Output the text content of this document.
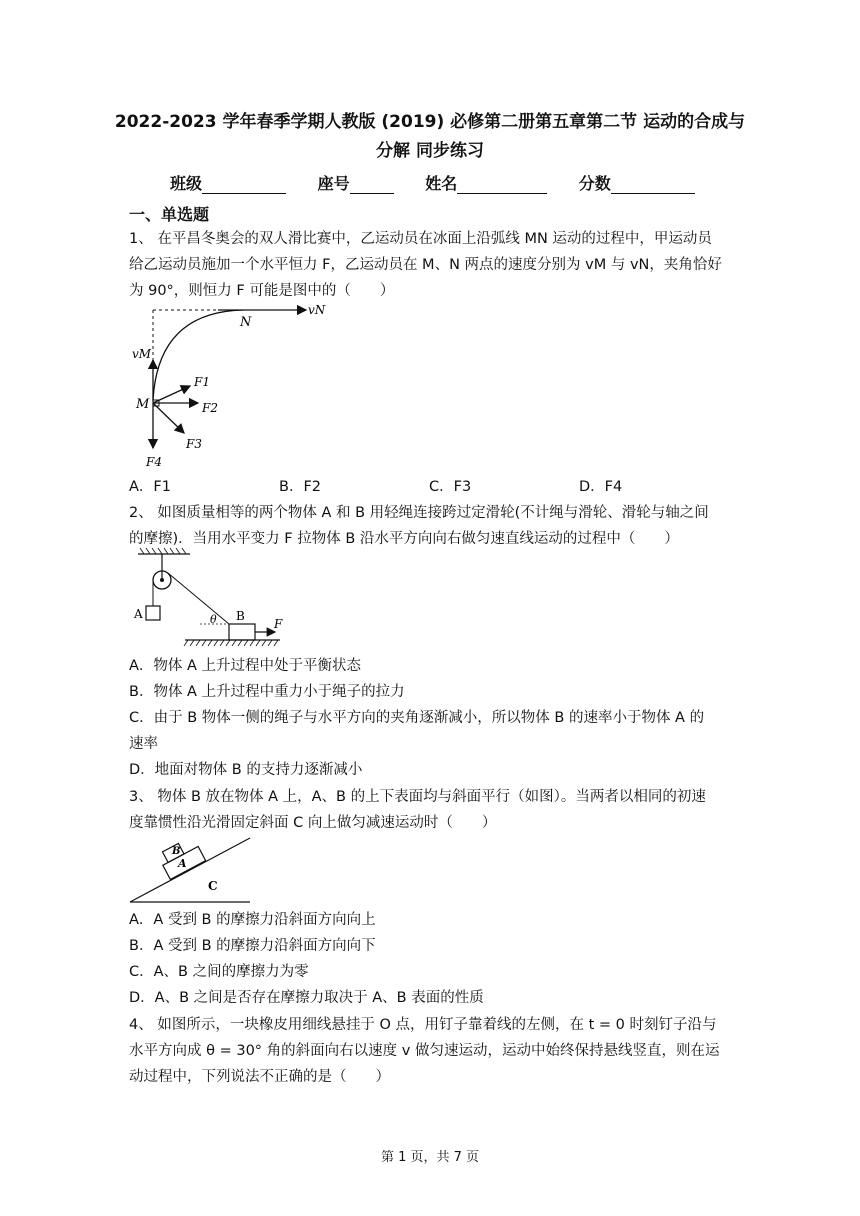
2022-2023 学年春季学期人教版 (2019) 必修第二册第五章第二节 运动的合成与
分解 同步练习
班级	座号	姓名	分数
一、单选题
1、 在平昌冬奥会的双人滑比赛中，乙运动员在冰面上沿弧线 MN 运动的过程中，甲运动员
给乙运动员施加一个水平恒力 F，乙运动员在 M、N 两点的速度分别为 vM 与 vN，夹角恰好
为 90°，则恒力 F 可能是图中的（　　）
vN
N
vM
M
F1
F2
F3
F4
A．F1	B．F2	C．F3	D．F4
2、 如图质量相等的两个物体 A 和 B 用轻绳连接跨过定滑轮(不计绳与滑轮、滑轮与轴之间
的摩擦)．当用水平变力 F 拉物体 B 沿水平方向向右做匀速直线运动的过程中（　　）
A	B
θ	F
A．物体 A 上升过程中处于平衡状态
B．物体 A 上升过程中重力小于绳子的拉力
C．由于 B 物体一侧的绳子与水平方向的夹角逐渐减小，所以物体 B 的速率小于物体 A 的
速率
D．地面对物体 B 的支持力逐渐减小
3、 物体 B 放在物体 A 上，A、B 的上下表面均与斜面平行（如图）。当两者以相同的初速
度靠惯性沿光滑固定斜面 C 向上做匀减速运动时（　　）
A
B
C
A．A 受到 B 的摩擦力沿斜面方向向上
B．A 受到 B 的摩擦力沿斜面方向向下
C．A、B 之间的摩擦力为零
D．A、B 之间是否存在摩擦力取决于 A、B 表面的性质
4、 如图所示，一块橡皮用细线悬挂于 O 点，用钉子靠着线的左侧，在 t = 0 时刻钉子沿与
水平方向成 θ = 30° 角的斜面向右以速度 v 做匀速运动，运动中始终保持悬线竖直，则在运
动过程中，下列说法不正确的是（　　）
第 1 页，共 7 页
